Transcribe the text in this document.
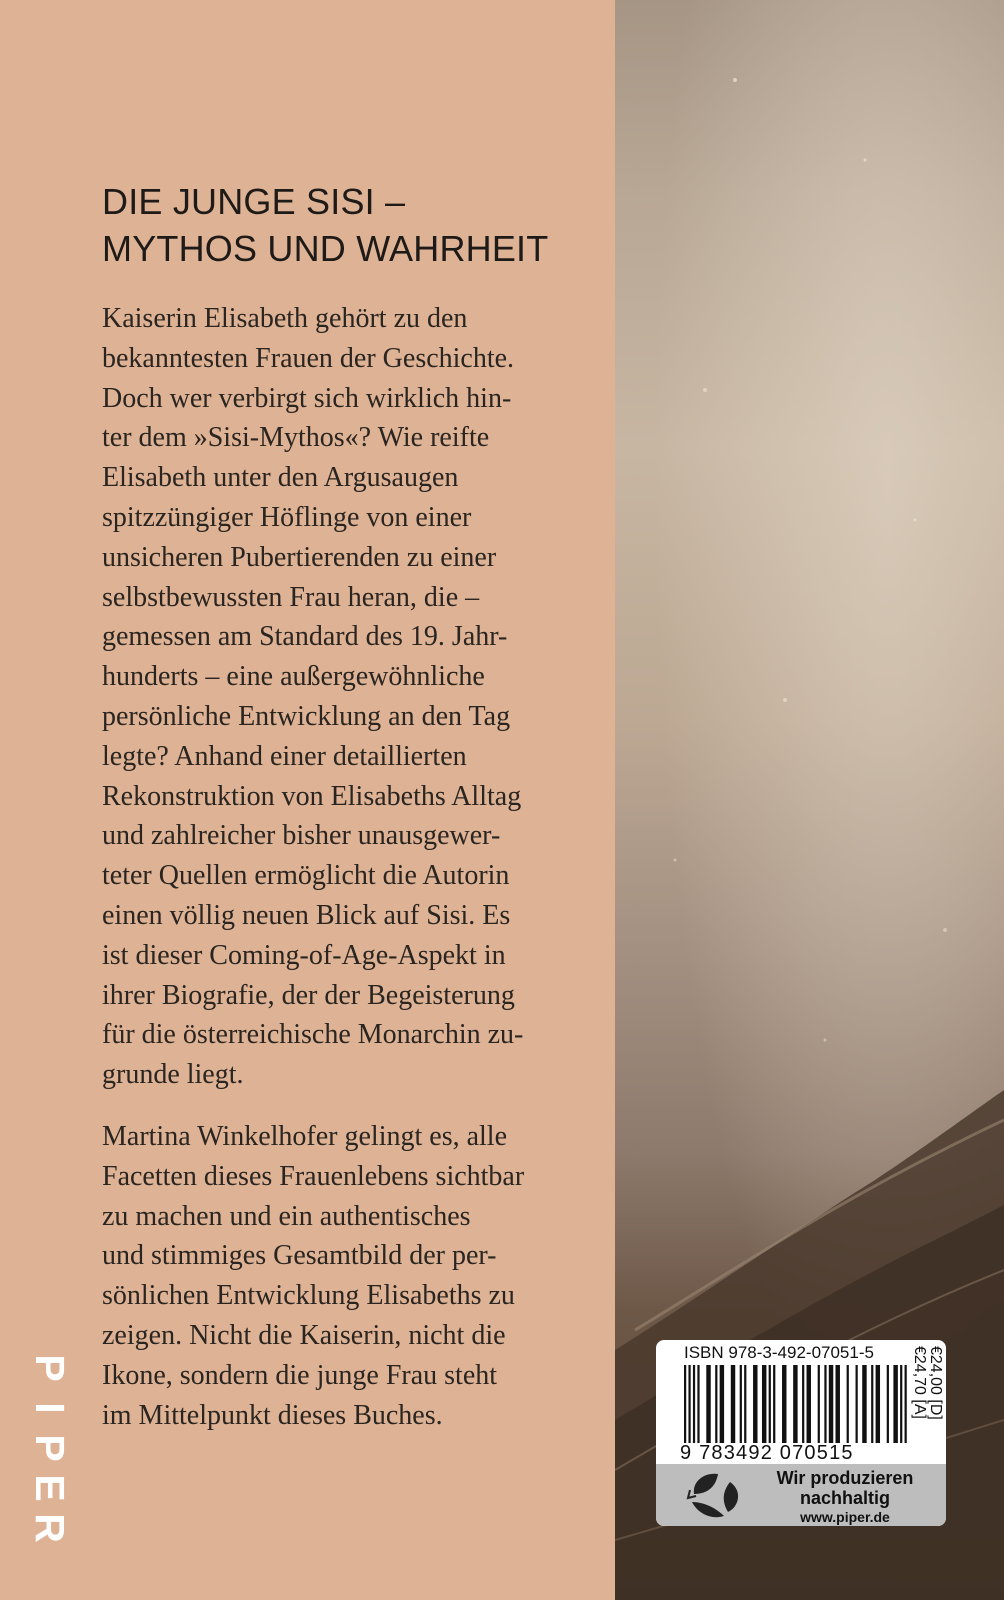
DIE JUNGE SISI –
MYTHOS UND WAHRHEIT
Kaiserin Elisabeth gehört zu den
bekanntesten Frauen der Geschichte.
Doch wer verbirgt sich wirklich hin-
ter dem »Sisi-Mythos«? Wie reifte
Elisabeth unter den Argusaugen
spitzzüngiger Höflinge von einer
unsicheren Pubertierenden zu einer
selbstbewussten Frau heran, die –
gemessen am Standard des 19. Jahr-
hunderts – eine außergewöhnliche
persönliche Entwicklung an den Tag
legte? Anhand einer detaillierten
Rekonstruktion von Elisabeths Alltag
und zahlreicher bisher unausgewer-
teter Quellen ermöglicht die Autorin
einen völlig neuen Blick auf Sisi. Es
ist dieser Coming-of-Age-Aspekt in
ihrer Biografie, der der Begeisterung
für die österreichische Monarchin zu-
grunde liegt.
Martina Winkelhofer gelingt es, alle
Facetten dieses Frauenlebens sichtbar
zu machen und ein authentisches
und stimmiges Gesamtbild der per-
sönlichen Entwicklung Elisabeths zu
zeigen. Nicht die Kaiserin, nicht die
Ikone, sondern die junge Frau steht
im Mittelpunkt dieses Buches.
P
I
P
E
R
ISBN 978-3-492-07051-5
9 783492 070515
€24,00 [D]
€24,70 [A]
Wir produzieren
nachhaltig
www.piper.de
